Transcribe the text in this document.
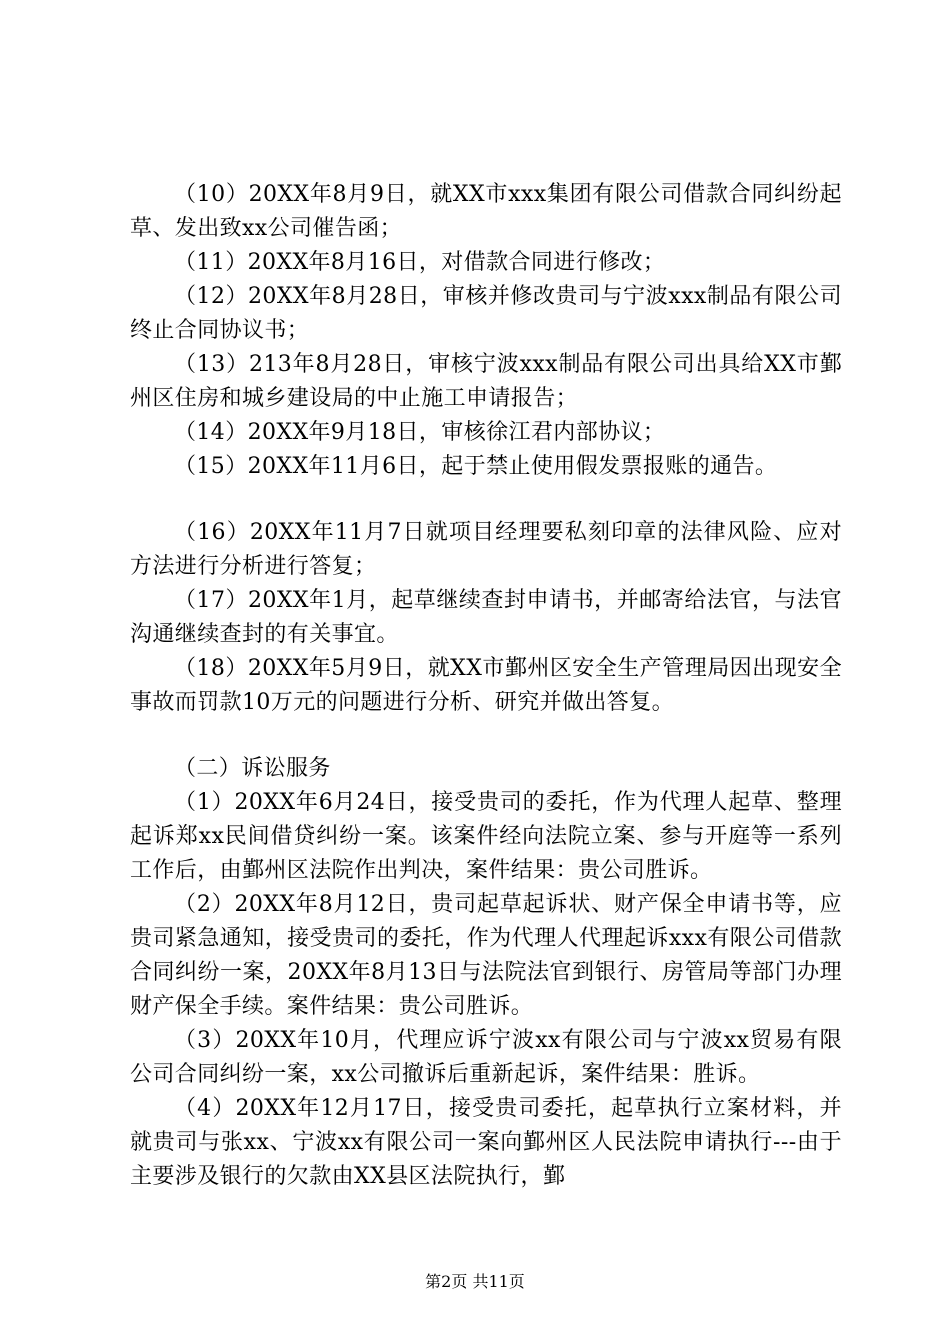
（10）20XX年8月9日，就XX市xxx集团有限公司借款合同纠纷起草、发出致xx公司催告函；

（11）20XX年8月16日，对借款合同进行修改；

（12）20XX年8月28日，审核并修改贵司与宁波xxx制品有限公司终止合同协议书；

（13）213年8月28日，审核宁波xxx制品有限公司出具给XX市鄞州区住房和城乡建设局的中止施工申请报告；

（14）20XX年9月18日，审核徐江君内部协议；

（15）20XX年11月6日，起于禁止使用假发票报账的通告。

（16）20XX年11月7日就项目经理要私刻印章的法律风险、应对方法进行分析进行答复；

（17）20XX年1月，起草继续查封申请书，并邮寄给法官，与法官沟通继续查封的有关事宜。

（18）20XX年5月9日，就XX市鄞州区安全生产管理局因出现安全事故而罚款10万元的问题进行分析、研究并做出答复。

（二）诉讼服务

（1）20XX年6月24日，接受贵司的委托，作为代理人起草、整理起诉郑xx民间借贷纠纷一案。该案件经向法院立案、参与开庭等一系列工作后，由鄞州区法院作出判决，案件结果：贵公司胜诉。

（2）20XX年8月12日，贵司起草起诉状、财产保全申请书等，应贵司紧急通知，接受贵司的委托，作为代理人代理起诉xxx有限公司借款合同纠纷一案，20XX年8月13日与法院法官到银行、房管局等部门办理财产保全手续。案件结果：贵公司胜诉。

（3）20XX年10月，代理应诉宁波xx有限公司与宁波xx贸易有限公司合同纠纷一案，xx公司撤诉后重新起诉，案件结果：胜诉。

（4）20XX年12月17日，接受贵司委托，起草执行立案材料，并就贵司与张xx、宁波xx有限公司一案向鄞州区人民法院申请执行---由于主要涉及银行的欠款由XX县区法院执行，鄞

第2页 共11页
